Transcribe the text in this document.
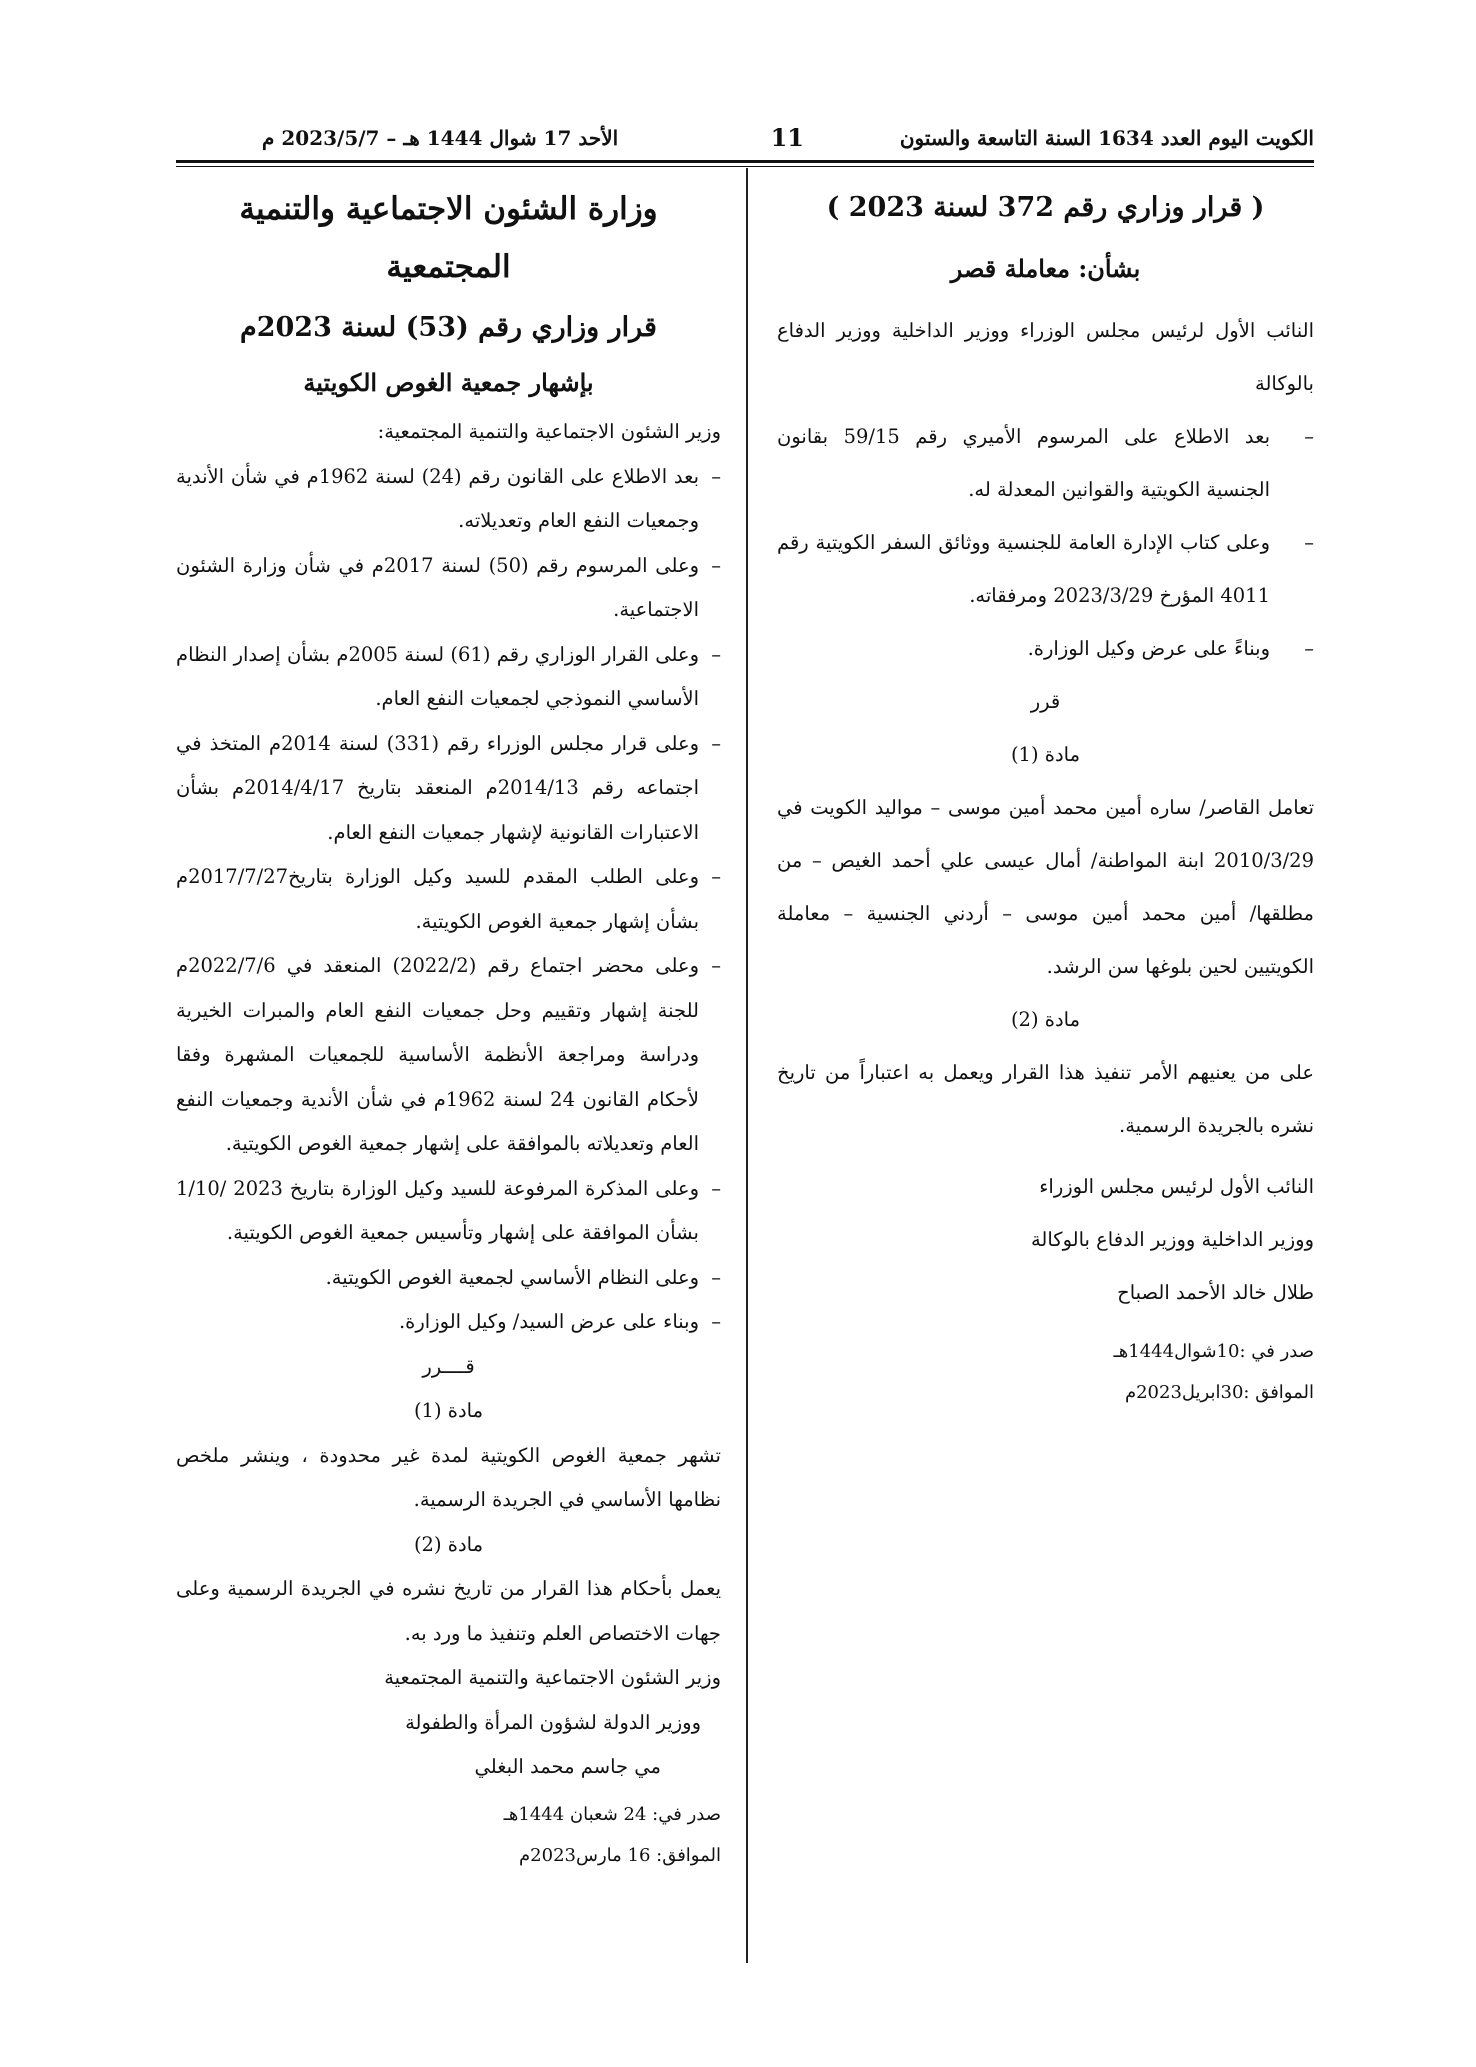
الكويت اليوم العدد 1634 السنة التاسعة والستون
11
الأحد 17 شوال 1444 هـ – 2023/5/7 م
( قرار وزاري رقم 372 لسنة 2023 )
بشأن: معاملة قصر

النائب الأول لرئيس مجلس الوزراء ووزير الداخلية ووزير الدفاع بالوكالة

–
بعد الاطلاع على المرسوم الأميري رقم 59/15 بقانون الجنسية الكويتية والقوانين المعدلة له.
–
وعلى كتاب الإدارة العامة للجنسية ووثائق السفر الكويتية رقم 4011 المؤرخ 2023/3/29 ومرفقاته.
–
وبناءً على عرض وكيل الوزارة.
قرر
مادة (1)

تعامل القاصر/ ساره أمين محمد أمين موسى – مواليد الكويت في 2010/3/29 ابنة المواطنة/ أمال عيسى علي أحمد الغيص – من مطلقها/ أمين محمد أمين موسى – أردني الجنسية – معاملة الكويتيين لحين بلوغها سن الرشد.

مادة (2)

على من يعنيهم الأمر تنفيذ هذا القرار ويعمل به اعتباراً من تاريخ نشره بالجريدة الرسمية.

النائب الأول لرئيس مجلس الوزراء
ووزير الداخلية ووزير الدفاع بالوكالة
طلال خالد الأحمد الصباح
صدر في :10شوال1444هـ
الموافق :30ابريل2023م
وزارة الشئون الاجتماعية والتنمية المجتمعية
قرار وزاري رقم (53) لسنة 2023م
بإشهار جمعية الغوص الكويتية

وزير الشئون الاجتماعية والتنمية المجتمعية:

–
بعد الاطلاع على القانون رقم (24) لسنة 1962م في شأن الأندية وجمعيات النفع العام وتعديلاته.
–
وعلى المرسوم رقم (50) لسنة 2017م في شأن وزارة الشئون الاجتماعية.
–
وعلى القرار الوزاري رقم (61) لسنة 2005م بشأن إصدار النظام الأساسي النموذجي لجمعيات النفع العام.
–
وعلى قرار مجلس الوزراء رقم (331) لسنة 2014م المتخذ في اجتماعه رقم 2014/13م المنعقد بتاريخ 2014/4/17م بشأن الاعتبارات القانونية لإشهار جمعيات النفع العام.
–
وعلى الطلب المقدم للسيد وكيل الوزارة بتاريخ2017/7/27م بشأن إشهار جمعية الغوص الكويتية.
–
وعلى محضر اجتماع رقم (2022/2) المنعقد في 2022/7/6م للجنة إشهار وتقييم وحل جمعيات النفع العام والمبرات الخيرية ودراسة ومراجعة الأنظمة الأساسية للجمعيات المشهرة وفقا لأحكام القانون 24 لسنة 1962م في شأن الأندية وجمعيات النفع العام وتعديلاته بالموافقة على إشهار جمعية الغوص الكويتية.
–
وعلى المذكرة المرفوعة للسيد وكيل الوزارة بتاريخ 2023 /1/10 بشأن الموافقة على إشهار وتأسيس جمعية الغوص الكويتية.
–
وعلى النظام الأساسي لجمعية الغوص الكويتية.
–
وبناء على عرض السيد/ وكيل الوزارة.
قــــرر
مادة (1)

تشهر جمعية الغوص الكويتية لمدة غير محدودة ، وينشر ملخص نظامها الأساسي في الجريدة الرسمية.

مادة (2)

يعمل بأحكام هذا القرار من تاريخ نشره في الجريدة الرسمية وعلى جهات الاختصاص العلم وتنفيذ ما ورد به.

وزير الشئون الاجتماعية والتنمية المجتمعية
ووزير الدولة لشؤون المرأة والطفولة
مي جاسم محمد البغلي
صدر في: 24 شعبان 1444هـ
الموافق: 16 مارس2023م
